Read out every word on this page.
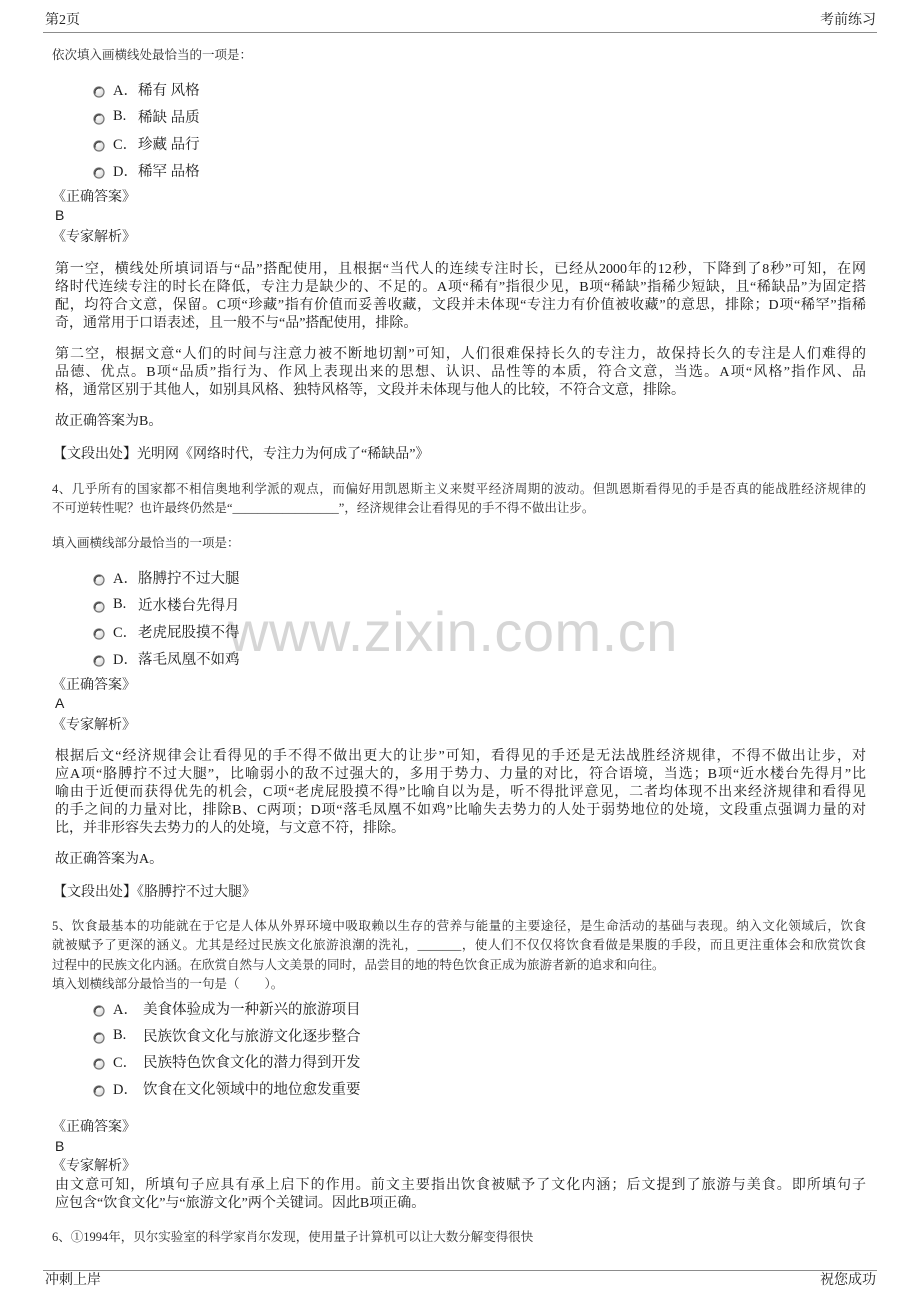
www.zixin.com.cn
第2页	考前练习
依次填入画横线处最恰当的一项是：
A． 稀有 风格
B. 稀缺 品质
C． 珍藏 品行
D． 稀罕 品格
《正确答案》
B
《专家解析》
第一空，横线处所填词语与“品”搭配使用，且根据“当代人的连续专注时长，已经从2000年的12秒，下降到了8秒”可知，在网
络时代连续专注的时长在降低，专注力是缺少的、不足的。A项“稀有”指很少见，B项“稀缺”指稀少短缺，且“稀缺品”为固定搭
配，均符合文意，保留。C项“珍藏”指有价值而妥善收藏，文段并未体现“专注力有价值被收藏”的意思，排除；D项“稀罕”指稀
奇，通常用于口语表述，且一般不与“品”搭配使用，排除。
第二空，根据文意“人们的时间与注意力被不断地切割”可知，人们很难保持长久的专注力，故保持长久的专注是人们难得的
品德、优点。B项“品质”指行为、作风上表现出来的思想、认识、品性等的本质，符合文意，当选。A项“风格”指作风、品
格，通常区别于其他人，如别具风格、独特风格等，文段并未体现与他人的比较，不符合文意，排除。
故正确答案为B。
【文段出处】光明网《网络时代，专注力为何成了“稀缺品”》
4、几乎所有的国家都不相信奥地利学派的观点，而偏好用凯恩斯主义来熨平经济周期的波动。但凯恩斯看得见的手是否真的能战胜经济规律的
不可逆转性呢？也许最终仍然是“_________________”，经济规律会让看得见的手不得不做出让步。
填入画横线部分最恰当的一项是：
A． 胳膊拧不过大腿
B. 近水楼台先得月
C． 老虎屁股摸不得
D． 落毛凤凰不如鸡
《正确答案》
A
《专家解析》
根据后文“经济规律会让看得见的手不得不做出更大的让步”可知，看得见的手还是无法战胜经济规律，不得不做出让步，对
应A项“胳膊拧不过大腿”，比喻弱小的敌不过强大的，多用于势力、力量的对比，符合语境，当选；B项“近水楼台先得月”比
喻由于近便而获得优先的机会，C项“老虎屁股摸不得”比喻自以为是，听不得批评意见，二者均体现不出来经济规律和看得见
的手之间的力量对比，排除B、C两项；D项“落毛凤凰不如鸡”比喻失去势力的人处于弱势地位的处境，文段重点强调力量的对
比，并非形容失去势力的人的处境，与文意不符，排除。
故正确答案为A。
【文段出处】《胳膊拧不过大腿》
5、饮食最基本的功能就在于它是人体从外界环境中吸取赖以生存的营养与能量的主要途径，是生命活动的基础与表现。纳入文化领域后，饮食
就被赋予了更深的涵义。尤其是经过民族文化旅游浪潮的洗礼，_______，使人们不仅仅将饮食看做是果腹的手段，而且更注重体会和欣赏饮食
过程中的民族文化内涵。在欣赏自然与人文美景的同时，品尝目的地的特色饮食正成为旅游者新的追求和向往。
填入划横线部分最恰当的一句是（　　）。
A． 美食体验成为一种新兴的旅游项目
B.	民族饮食文化与旅游文化逐步整合
C． 民族特色饮食文化的潜力得到开发
D． 饮食在文化领域中的地位愈发重要
《正确答案》
B
《专家解析》
由文意可知，所填句子应具有承上启下的作用。前文主要指出饮食被赋予了文化内涵；后文提到了旅游与美食。即所填句子
应包含“饮食文化”与“旅游文化”两个关键词。因此B项正确。
6、①1994年，贝尔实验室的科学家肖尔发现，使用量子计算机可以让大数分解变得很快
冲刺上岸	祝您成功
